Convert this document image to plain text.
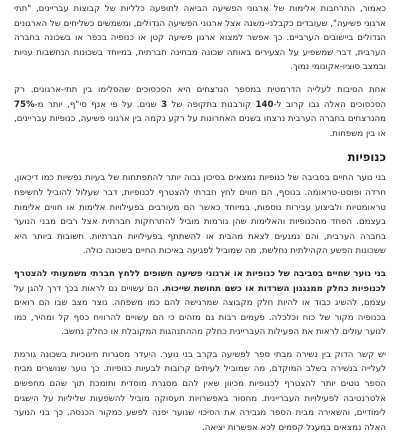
כאמור, התרחבות אלימות של ארגוני הפשיעה הביאה לתופעה כלליות של קבוצות עבריינים, "תתי ארגוני פשיעה", שעובדים כקבלני-משנה אצל ארגוני הפשיעה הגדולים, ומשמשים כשליחים של הארגונים הגדולים ביישובים הערביים. כך אפשר למצוא ארגון פשיעה קטן או כנופיה בכפר או בשכונה בחברה הערבית, דבר שמשפיע על הצעירים באותה שכונה מבחינה חברתית, במיוחד בשכונות הנחשבות עניות ובמצב סוציו-אקונומי נמוך.

אחת הסיבות לעלייה הדרמטית במספר הנרצחים היא הסכסוכים שהסלימו בין תתי-ארגונים. רק הסכסוכים האלה גבו קרוב ל-140 קורבנות בתקופה של 3 שנים. על פי אנף סי"ף, יותר מ-75% מהנרצחים בחברה הערבית נרצחו בשנים האחרונות על רקע נקמה בין ארגוני פשיעה, כנופיות עבריינים, או בין משפחות.

כנופיות

בני נוער החיים בסביבה של כנופיות נמצאים בסיכון גבוה יותר להתפתחות של בעיות נפשיות כמו דיכאון, חרדה ופוסט-טראומה. בנוסף, הם חווים לחץ חברתי להצטרף לכנופיות, דבר שעלול להוביל לחשיפת טראומטיות ולביצוע עבירות נוספות, במיוחד כאשר הם מעורבים בפעילויות אלימות או חווים אלימות בעצמם. הפחד מהכנופיות והאלימות שהן גורמות מוביל להתרחקות חברתית אצל רבים מבני הנוער בחברה הערבית, והם נמנעים לצאת מהבית או להשתתף בפעילויות חברתיות. חשובות ביותר היא ששכונות הפשע הקהילתית נחלשת, מה שמוביל לפגיעה באיכות החיים בשכונה כולה.

בני נוער שחיים בסביבה של כנופיות או ארגוני פשיעה חשופים ללחץ חברתי משמעותי להצטרף לכנופיות כחלק ממנגנון השרדות או כשם תחושת שייכות. הם עשויים גם לראות בכך דרך להגן על עצמם, להשיג כבוד או להיות חלק מקבוצה שמרגישה להם כמו משפחה. נוצר מצב שבו הם רואים בכנופיה מקור של כוח וכלכלה. פעמים רבות גם מזהים כי הם עשויים להרוויח כסף קל ומהיר, כמו לנוער עולים לראות את הפעילות העבריינית כחלק מההתנהגות המקובלת או כחלק נחשב.

יש קשר הדוק בין נשירה מבתי ספר לפשיעה בקרב בני נוער. היעדר מסגרות חינוכיות בשכונה גורמת לעלייה בנשירה בשלב המוקדם, מה שמוביל לעיתים קרובות לבעיות כנופיות. כך נוער שנושרים מבית הספר נוטים יותר להצטרף לכנופיות מכיוון שאין להם מסגרת מוסדית ותומכת תוך שהם מחפשים אלטרנטיבה לפעילויות העבריינית. מחסור באפשרויות תעסוקה מוביל להשפעות שליליות על הישגים לימודיים, והשאירה מבית הספר מגבירה את הסיכוי שנוער יפנה לפשע כמקור הכנסה. כך בני הנוער האלה נמצאים במעגל קסמים לכא אפשרות יציאה.
